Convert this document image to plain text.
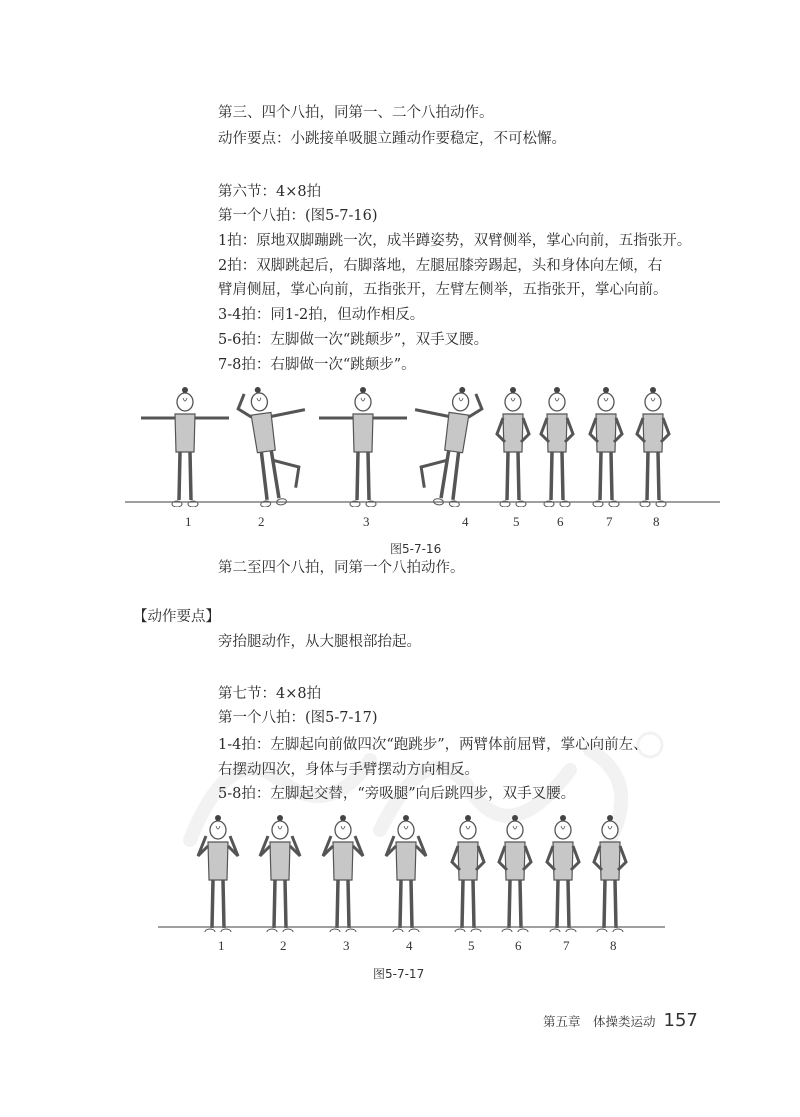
第三、四个八拍，同第一、二个八拍动作。

动作要点：小跳接单吸腿立踵动作要稳定，不可松懈。

第六节：4×8拍

第一个八拍：(图5-7-16)

1拍：原地双脚蹦跳一次，成半蹲姿势，双臂侧举，掌心向前，五指张开。

2拍：双脚跳起后，右脚落地，左腿屈膝旁踢起，头和身体向左倾，右

臂肩侧屈，掌心向前，五指张开，左臂左侧举，五指张开，掌心向前。

3-4拍：同1-2拍，但动作相反。

5-6拍：左脚做一次“跳颠步”，双手叉腰。

7-8拍：右脚做一次“跳颠步”。

1	2	3	4	5	6	7	8
图5-7-16

第二至四个八拍，同第一个八拍动作。

【动作要点】

旁抬腿动作，从大腿根部抬起。

第七节：4×8拍

第一个八拍：(图5-7-17)

1-4拍：左脚起向前做四次“跑跳步”，两臂体前屈臂，掌心向前左、

右摆动四次，身体与手臂摆动方向相反。

5-8拍：左脚起交替，“旁吸腿”向后跳四步，双手叉腰。

1	2	3	4	5	6	7	8
图5-7-17
第五章　体操类运动 157
